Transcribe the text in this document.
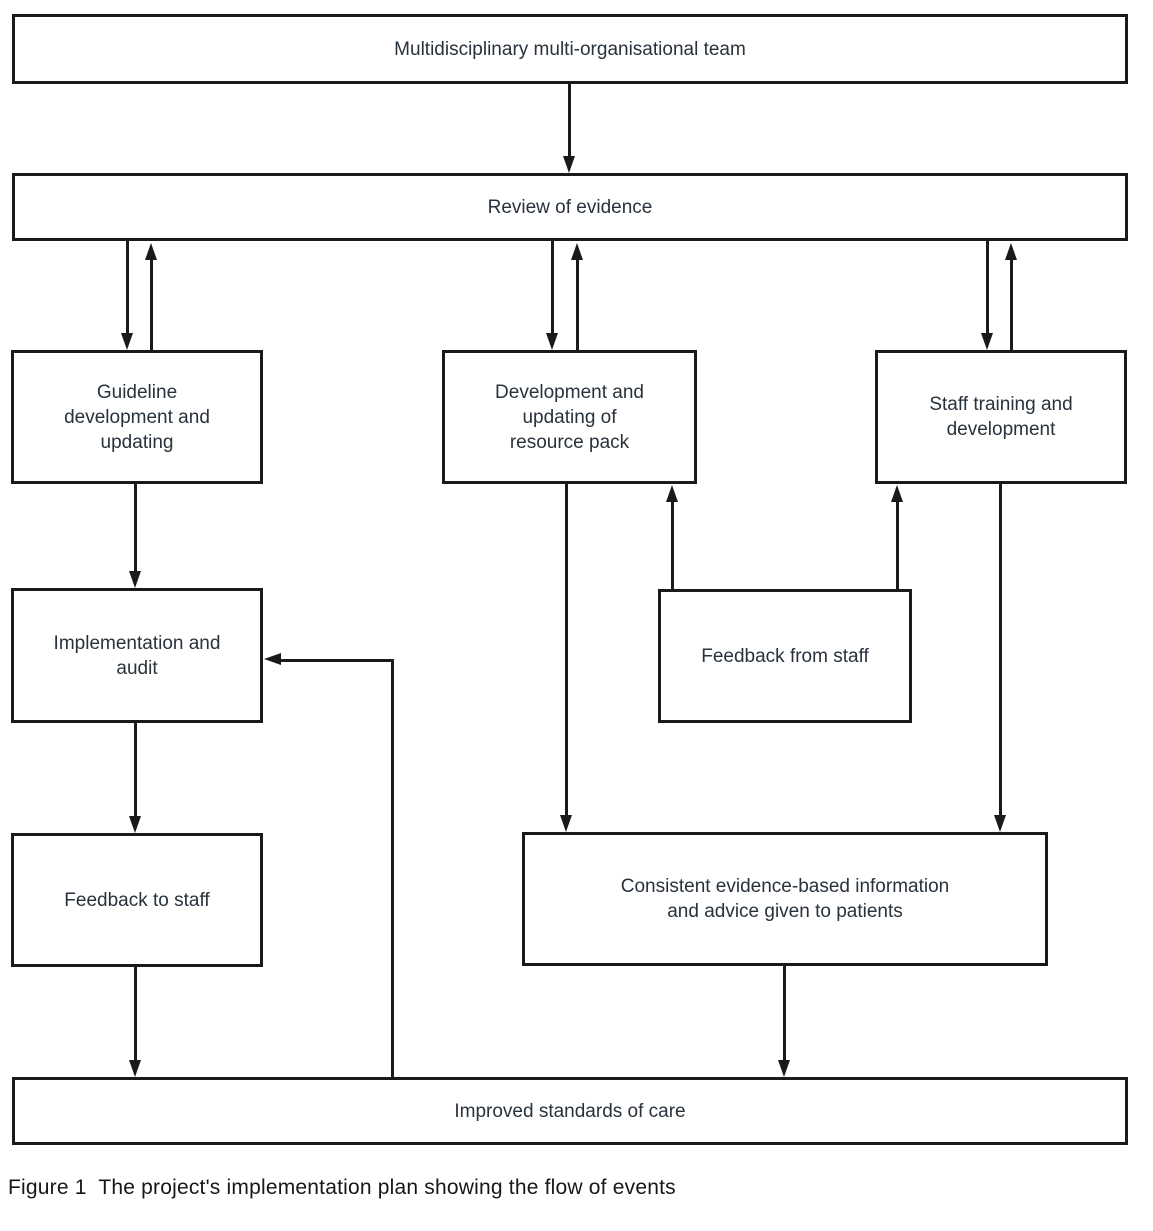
Multidisciplinary multi-organisational team
Review of evidence
Guideline
development and
updating
Development and
updating of
resource pack
Staff training and
development
Implementation and
audit
Feedback from staff
Feedback to staff
Consistent evidence-based information
and advice given to patients
Improved standards of care
Figure 1  The project's implementation plan showing the flow of events
